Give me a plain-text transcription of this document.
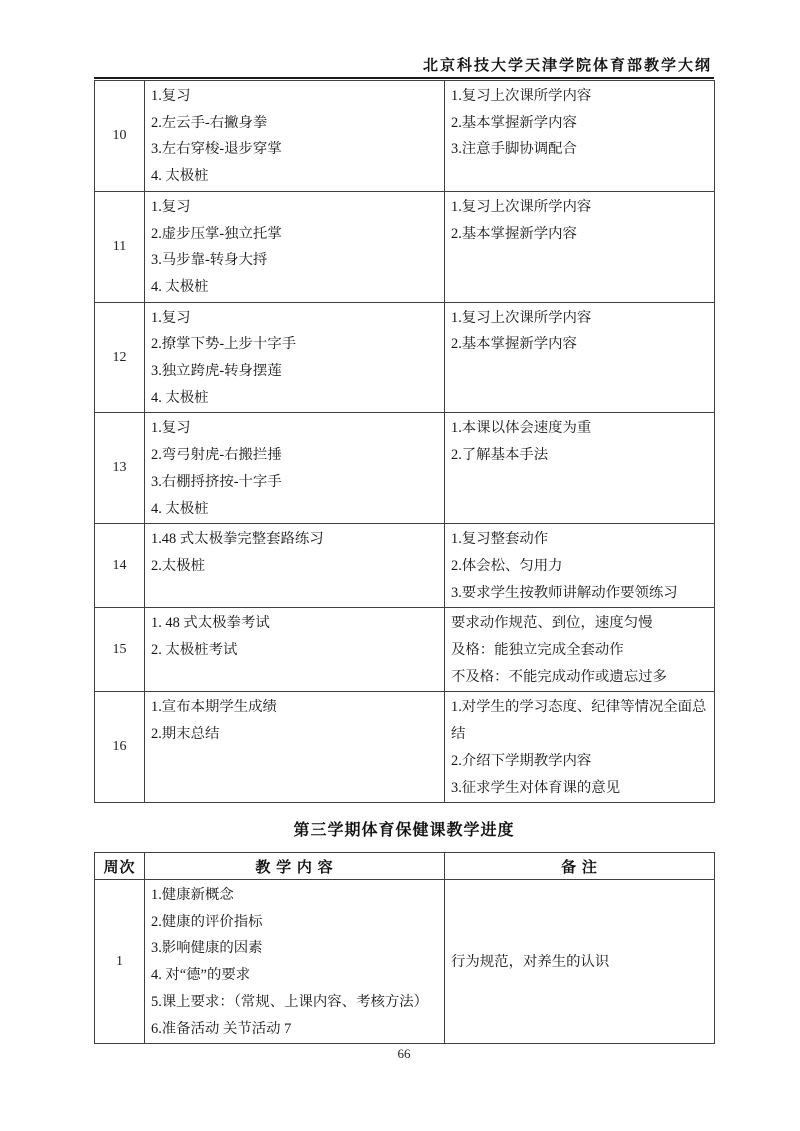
北京科技大学天津学院体育部教学大纲
10	
1.复习
2.左云手-右撇身拳
3.左右穿梭-退步穿掌
4. 太极桩

1.复习上次课所学内容
2.基本掌握新学内容
3.注意手脚协调配合

11	
1.复习
2.虚步压掌-独立托掌
3.马步靠-转身大捋
4. 太极桩

1.复习上次课所学内容
2.基本掌握新学内容

12	
1.复习
2.撩掌下势-上步十字手
3.独立跨虎-转身摆莲
4. 太极桩

1.复习上次课所学内容
2.基本掌握新学内容

13	
1.复习
2.弯弓射虎-右搬拦捶
3.右棚捋挤按-十字手
4. 太极桩

1.本课以体会速度为重
2.了解基本手法

14	
1.48 式太极拳完整套路练习
2.太极桩

1.复习整套动作
2.体会松、匀用力
3.要求学生按教师讲解动作要领练习

15	
1. 48 式太极拳考试
2. 太极桩考试

要求动作规范、到位，速度匀慢
及格：能独立完成全套动作
不及格：不能完成动作或遗忘过多

16	
1.宣布本期学生成绩
2.期末总结

1.对学生的学习态度、纪律等情况全面总结
2.介绍下学期教学内容
3.征求学生对体育课的意见
第三学期体育保健课教学进度
周次	教 学 内 容	备 注
1	
1.健康新概念
2.健康的评价指标
3.影响健康的因素
4. 对“德”的要求
5.课上要求：（常规、上课内容、考核方法）
6.准备活动 关节活动 7

行为规范，对养生的认识
66
